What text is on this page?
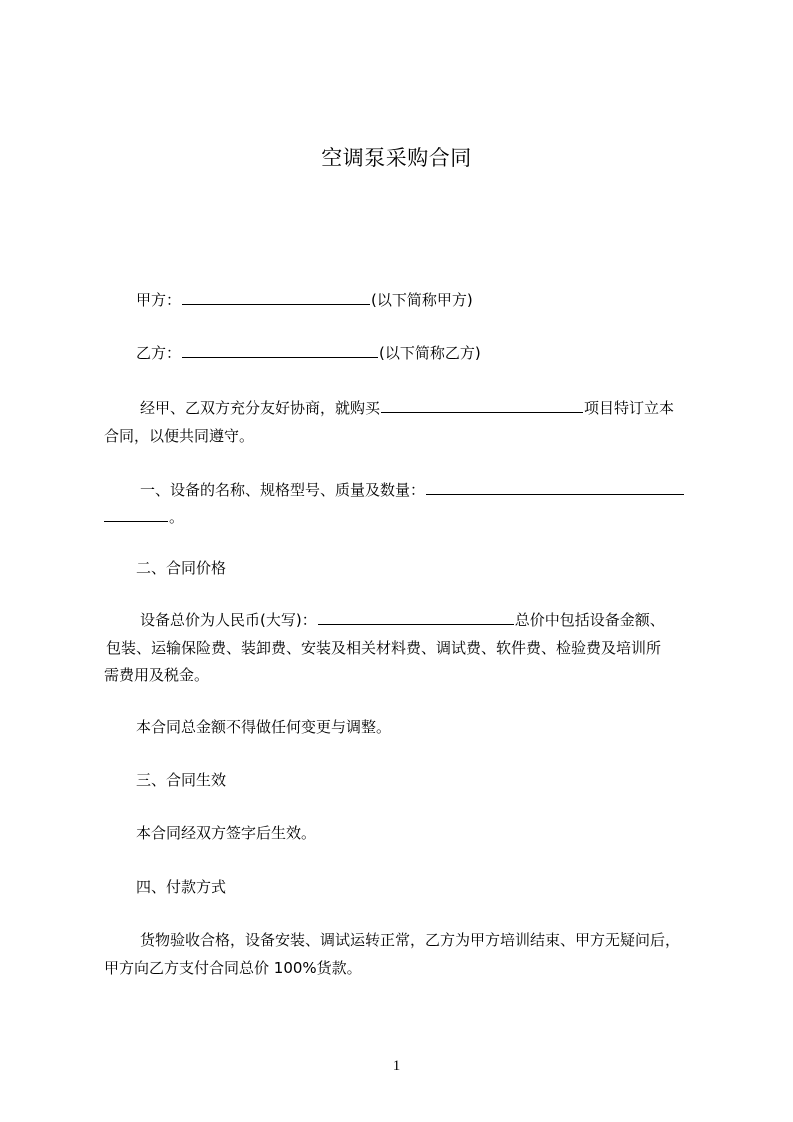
空调泵采购合同
甲方：	(以下简称甲方)
乙方：	(以下简称乙方)
经甲、乙双方充分友好协商，就购买	项目特订立本
合同，以便共同遵守。
一、设备的名称、规格型号、质量及数量：
。
二、合同价格
设备总价为人民币(大写)：	总价中包括设备金额、
包装、运输保险费、装卸费、安装及相关材料费、调试费、软件费、检验费及培训所
需费用及税金。
本合同总金额不得做任何变更与调整。
三、合同生效
本合同经双方签字后生效。
四、付款方式
货物验收合格，设备安装、调试运转正常，乙方为甲方培训结束、甲方无疑问后，
甲方向乙方支付合同总价 100%货款。
1
